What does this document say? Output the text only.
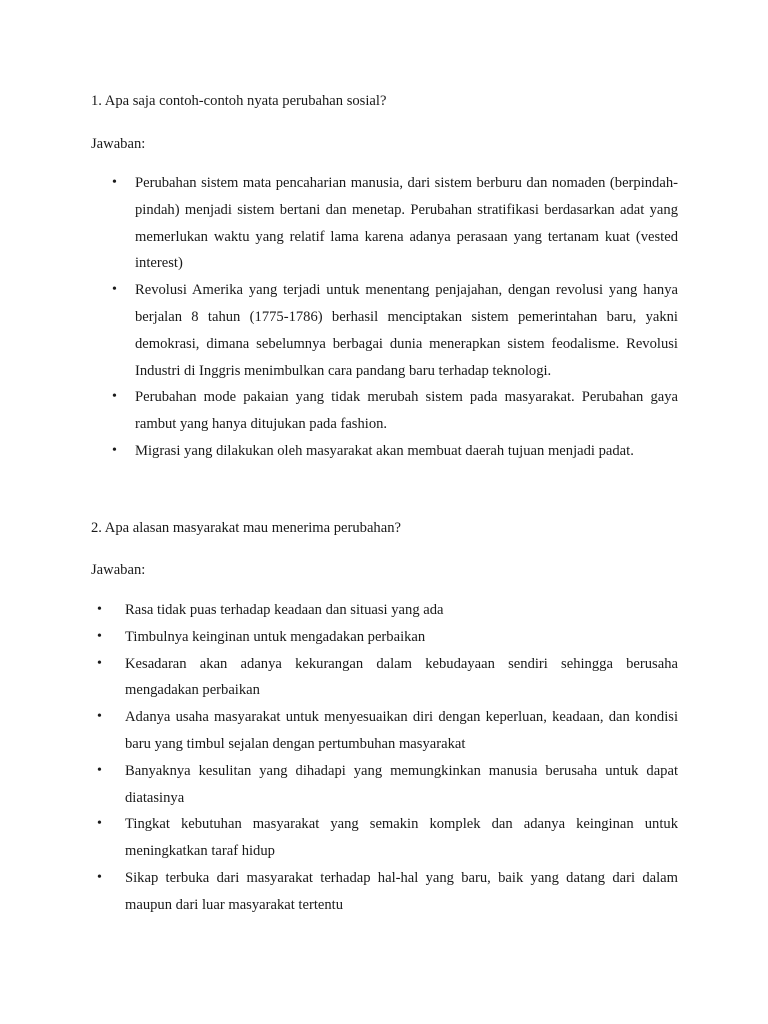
1. Apa saja contoh-contoh nyata perubahan sosial?

Jawaban:

• Perubahan sistem mata pencaharian manusia, dari sistem berburu dan nomaden (berpindah-pindah) menjadi sistem bertani dan menetap. Perubahan stratifikasi berdasarkan adat yang memerlukan waktu yang relatif lama karena adanya perasaan yang tertanam kuat (vested interest)
• Revolusi Amerika yang terjadi untuk menentang penjajahan, dengan revolusi yang hanya berjalan 8 tahun (1775-1786) berhasil menciptakan sistem pemerintahan baru, yakni demokrasi, dimana sebelumnya berbagai dunia menerapkan sistem feodalisme. Revolusi Industri di Inggris menimbulkan cara pandang baru terhadap teknologi.
• Perubahan mode pakaian yang tidak merubah sistem pada masyarakat. Perubahan gaya rambut yang hanya ditujukan pada fashion.
• Migrasi yang dilakukan oleh masyarakat akan membuat daerah tujuan menjadi padat.

2. Apa alasan masyarakat mau menerima perubahan?

Jawaban:

• Rasa tidak puas terhadap keadaan dan situasi yang ada
• Timbulnya keinginan untuk mengadakan perbaikan
• Kesadaran akan adanya kekurangan dalam kebudayaan sendiri sehingga berusaha mengadakan perbaikan
• Adanya usaha masyarakat untuk menyesuaikan diri dengan keperluan, keadaan, dan kondisi baru yang timbul sejalan dengan pertumbuhan masyarakat
• Banyaknya kesulitan yang dihadapi yang memungkinkan manusia berusaha untuk dapat diatasinya
• Tingkat kebutuhan masyarakat yang semakin komplek dan adanya keinginan untuk meningkatkan taraf hidup
• Sikap terbuka dari masyarakat terhadap hal-hal yang baru, baik yang datang dari dalam maupun dari luar masyarakat tertentu
